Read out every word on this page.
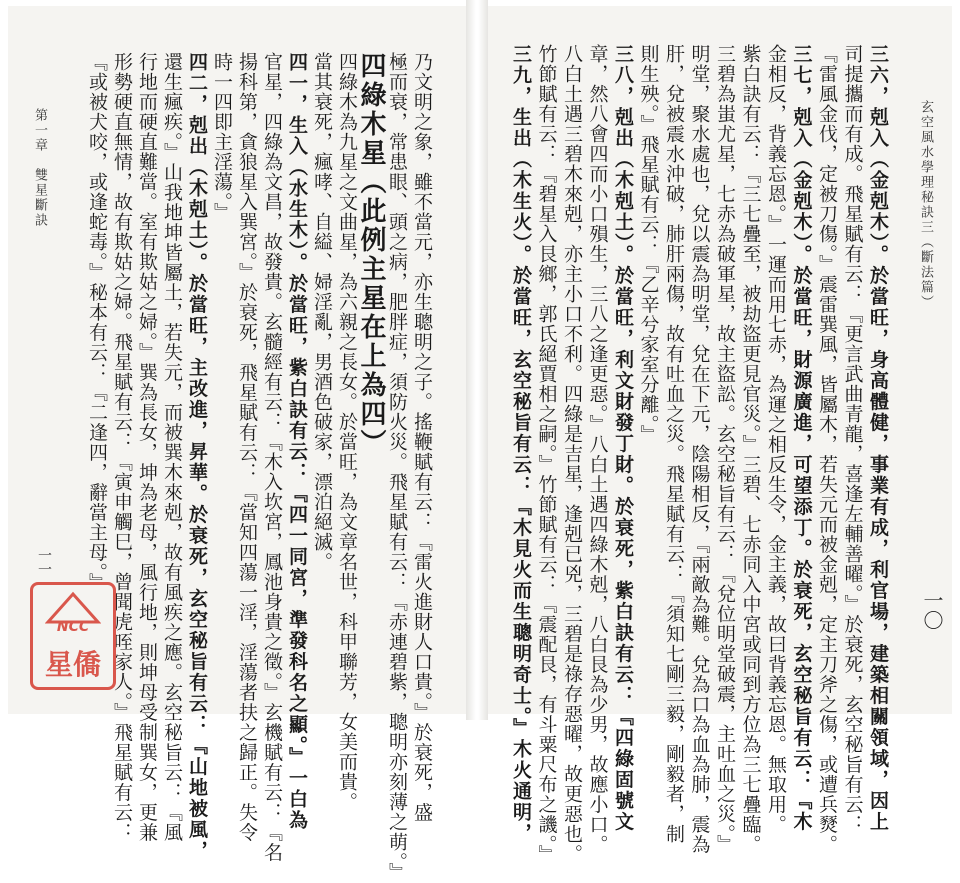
玄空風水學理秘訣三（斷法篇）
一〇
第一章　雙星斷訣
一一	三六，剋入（金剋木）。於當旺，身高體健，事業有成，利官場，建築相關領域，因上
司提攜而有成。飛星賦有云：『更言武曲青龍，喜逢左輔善曜。』於衰死，玄空秘旨有云：
『雷風金伐，定被刀傷。』震雷巽風，皆屬木，若失元而被金剋，定主刀斧之傷，或遭兵燹。
三七，剋入（金剋木）。於當旺，財源廣進，可望添丁。於衰死，玄空秘旨有云：『木
金相反，背義忘恩。』一運而用七赤，為運之相反生令，金主義，故曰背義忘恩。無取用。
紫白訣有云：『三七疊至，被劫盜更見官災。』三碧、七赤同入中宮或同到方位為三七疊臨。
三碧為蚩尤星，七赤為破軍星，故主盜訟。玄空秘旨有云：『兌位明堂破震，主吐血之災。』
明堂，聚水處也，兌以震為明堂，兌在下元，陰陽相反，『兩敵為難。兌為口為血為肺，震為
肝，兌被震水沖破，肺肝兩傷，故有吐血之災。飛星賦有云：『須知七剛三毅，剛毅者，制
則生殃。』飛星賦有云：『乙辛兮家室分離。』
三八，剋出（木剋土）。於當旺，利文財發丁財。於衰死，紫白訣有云：『四綠固號文
章，然八會四而小口殞生，三八之逢更惡。』八白土遇四綠木剋，八白艮為少男，故應小口。
八白土遇三碧木來剋，亦主小口不利。四綠是吉星，逢剋已兇，三碧是祿存惡曜，故更惡也。
竹節賦有云：『碧星入艮鄉，郭氏絕賈相之嗣。』竹節賦有云：『震配艮，有斗粟尺布之譏。』
三九，生出（木生火）。於當旺，玄空秘旨有云：『木見火而生聰明奇士。』木火通明，
乃文明之象，雖不當元，亦生聰明之子。搖鞭賦有云：『雷火進財人口貴。』於衰死，盛
極而衰，常患眼、頭之病，肥胖症，須防火災。飛星賦有云：『赤連碧紫，聰明亦刻薄之萌。』
四綠木星（此例主星在上為四）
四綠木為九星之文曲星，為六親之長女。於當旺，為文章名世，科甲聯芳，女美而貴。
當其衰死，瘋哮、自縊、婦淫亂，男酒色破家，漂泊絕滅。
四一，生入（水生木）。於當旺，紫白訣有云：『四一同宮，準發科名之顯。』一白為
官星，四綠為文昌，故發貴。玄髓經有云：『木入坎宮，鳳池身貴之徵。』玄機賦有云：『名
揚科第，貪狼星入巽宮。』於衰死，飛星賦有云：『當知四蕩一淫，淫蕩者扶之歸正。失令
時一四即主淫蕩。』
四二，剋出（木剋土）。於當旺，主改進，昇華。於衰死，玄空秘旨有云：『山地被風，
還生瘋疾。』山我地坤皆屬土，若失元，而被巽木來剋，故有風疾之應。玄空秘旨云：『風
行地而硬直難當。室有欺姑之婦。』巽為長女，坤為老母，風行地，則坤母受制巽女，更兼
形勢硬直無情，故有欺姑之婦。飛星賦有云：『寅申觸巳，曾聞虎咥家人。』飛星賦有云：
『或被犬咬，或逢蛇毒。』秘本有云：『二逢四，辭當主母。』
NCC
星僑
